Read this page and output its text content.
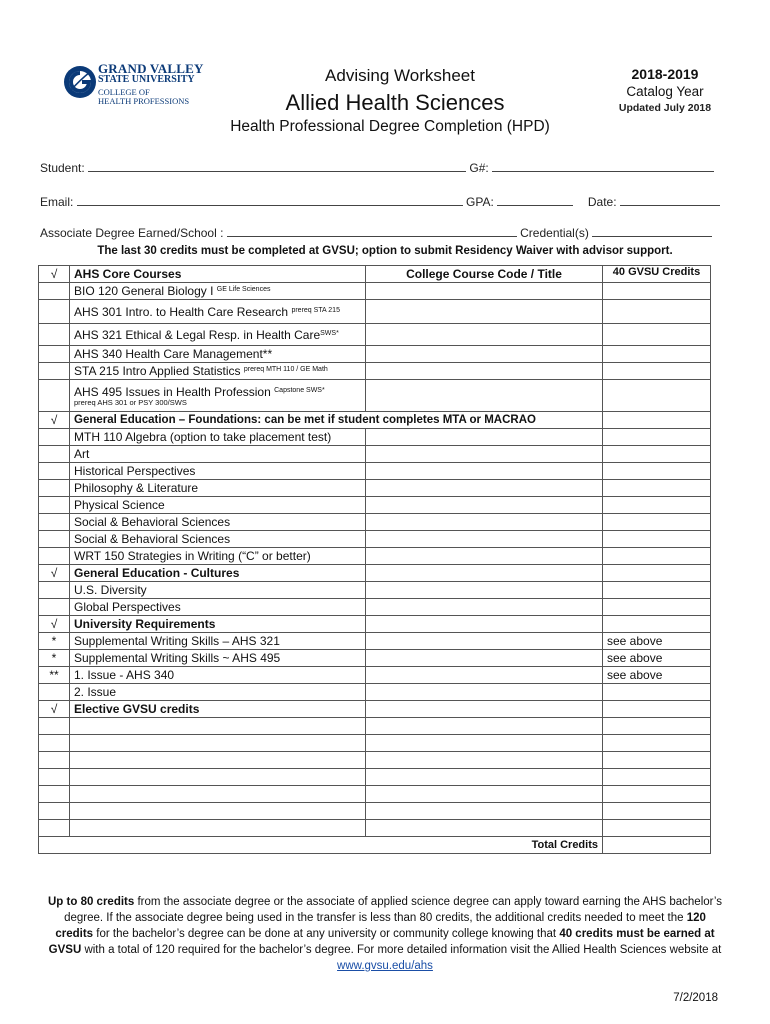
GRAND VALLEY
STATE UNIVERSITY
COLLEGE OF
HEALTH PROFESSIONS
Advising Worksheet
Allied Health Sciences
Health Professional Degree Completion (HPD)
2018-2019
Catalog Year
Updated July 2018
Student:	G#:
Email:	GPA:	Date:
Associate Degree Earned/School :	Credential(s)
The last 30 credits must be completed at GVSU; option to submit Residency Waiver with advisor support.
√	AHS Core Courses	College Course Code / Title	40 GVSU Credits
	BIO 120 General Biology I $^{GE Life Sciences}$		
	AHS 301 Intro. to Health Care Research $^{prereq STA 215}$		
	AHS 321 Ethical & Legal Resp. in Health Care$^{SWS*}$		
	AHS 340 Health Care Management**		
	STA 215 Intro Applied Statistics $^{prereq MTH 110 / GE Math}$		
	AHS 495 Issues in Health Profession $^{Capstone SWS*}$
prereq AHS 301 or PSY 300/SWS		

√	General Education – Foundations: can be met if student completes MTA or MACRAO		
	MTH 110 Algebra (option to take placement test)		
	Art		
	Historical Perspectives		
	Philosophy & Literature		
	Physical Science		
	Social & Behavioral Sciences		
	Social & Behavioral Sciences		
	WRT 150 Strategies in Writing (“C” or better)		
√	General Education - Cultures		
	U.S. Diversity		
	Global Perspectives		
√	University Requirements		
*	Supplemental Writing Skills – AHS 321		see above
*	Supplemental Writing Skills ~ AHS 495		see above
**	1. Issue - AHS 340		see above
	2. Issue		
√	Elective GVSU credits		

Total Credits			
Up to 80 credits from the associate degree or the associate of applied science degree can apply toward earning the AHS bachelor’s degree. If the associate degree being used in the transfer is less than 80 credits, the additional credits needed to meet the 120 credits for the bachelor’s degree can be done at any university or community college knowing that 40 credits must be earned at GVSU with a total of 120 required for the bachelor’s degree. For more detailed information visit the Allied Health Sciences website at
www.gvsu.edu/ahs
7/2/2018
